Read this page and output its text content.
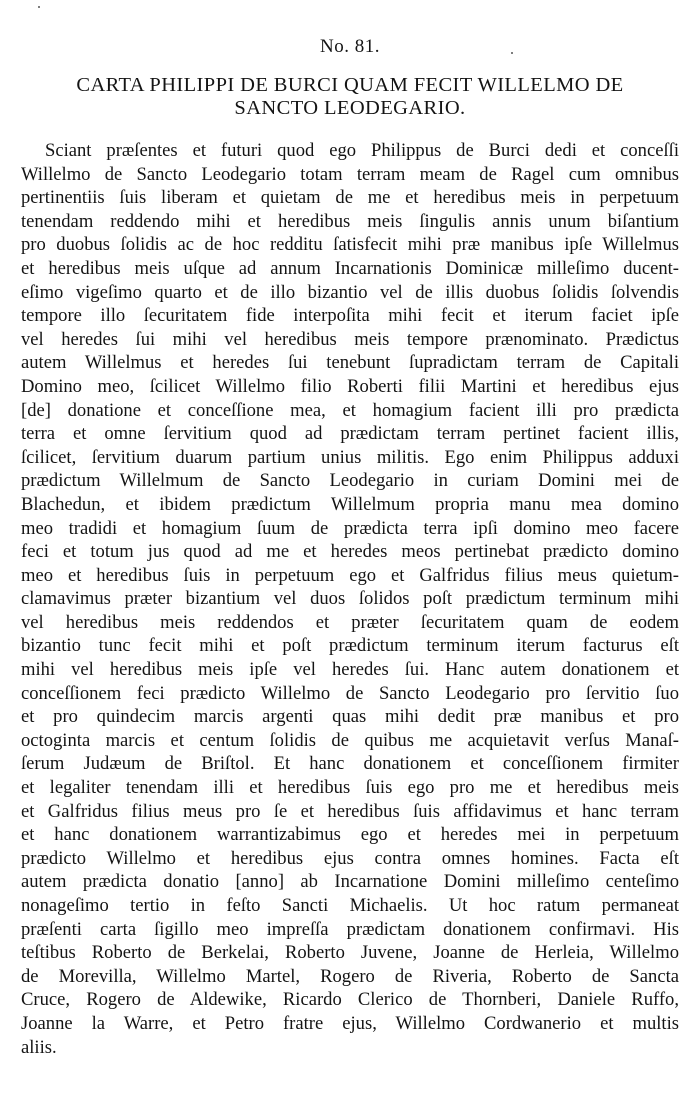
No. 81.
CARTA PHILIPPI DE BURCI QUAM FECIT WILLELMO DE
SANCTO LEODEGARIO.
Sciant præſentes et futuri quod ego Philippus de Burci dedi et conceſſi
Willelmo de Sancto Leodegario totam terram meam de Ragel cum omnibus
pertinentiis ſuis liberam et quietam de me et heredibus meis in perpetuum
tenendam reddendo mihi et heredibus meis ſingulis annis unum biſantium
pro duobus ſolidis ac de hoc redditu ſatisfecit mihi præ manibus ipſe Willelmus
et heredibus meis uſque ad annum Incarnationis Dominicæ milleſimo ducent-
eſimo vigeſimo quarto et de illo bizantio vel de illis duobus ſolidis ſolvendis
tempore illo ſecuritatem fide interpoſita mihi fecit et iterum faciet ipſe
vel heredes ſui mihi vel heredibus meis tempore prænominato. Prædictus
autem Willelmus et heredes ſui tenebunt ſupradictam terram de Capitali
Domino meo, ſcilicet Willelmo filio Roberti filii Martini et heredibus ejus
[de] donatione et conceſſione mea, et homagium facient illi pro prædicta
terra et omne ſervitium quod ad prædictam terram pertinet facient illis,
ſcilicet, ſervitium duarum partium unius militis. Ego enim Philippus adduxi
prædictum Willelmum de Sancto Leodegario in curiam Domini mei de
Blachedun, et ibidem prædictum Willelmum propria manu mea domino
meo tradidi et homagium ſuum de prædicta terra ipſi domino meo facere
feci et totum jus quod ad me et heredes meos pertinebat prædicto domino
meo et heredibus ſuis in perpetuum ego et Galfridus filius meus quietum-
clamavimus præter bizantium vel duos ſolidos poſt prædictum terminum mihi
vel heredibus meis reddendos et præter ſecuritatem quam de eodem
bizantio tunc fecit mihi et poſt prædictum terminum iterum facturus eſt
mihi vel heredibus meis ipſe vel heredes ſui. Hanc autem donationem et
conceſſionem feci prædicto Willelmo de Sancto Leodegario pro ſervitio ſuo
et pro quindecim marcis argenti quas mihi dedit præ manibus et pro
octoginta marcis et centum ſolidis de quibus me acquietavit verſus Manaſ-
ſerum Judæum de Briſtol. Et hanc donationem et conceſſionem firmiter
et legaliter tenendam illi et heredibus ſuis ego pro me et heredibus meis
et Galfridus filius meus pro ſe et heredibus ſuis affidavimus et hanc terram
et hanc donationem warrantizabimus ego et heredes mei in perpetuum
prædicto Willelmo et heredibus ejus contra omnes homines. Facta eſt
autem prædicta donatio [anno] ab Incarnatione Domini milleſimo centeſimo
nonageſimo tertio in feſto Sancti Michaelis. Ut hoc ratum permaneat
præſenti carta ſigillo meo impreſſa prædictam donationem confirmavi. His
teſtibus Roberto de Berkelai, Roberto Juvene, Joanne de Herleia, Willelmo
de Morevilla, Willelmo Martel, Rogero de Riveria, Roberto de Sancta
Cruce, Rogero de Aldewike, Ricardo Clerico de Thornberi, Daniele Ruffo,
Joanne la Warre, et Petro fratre ejus, Willelmo Cordwanerio et multis
aliis.
